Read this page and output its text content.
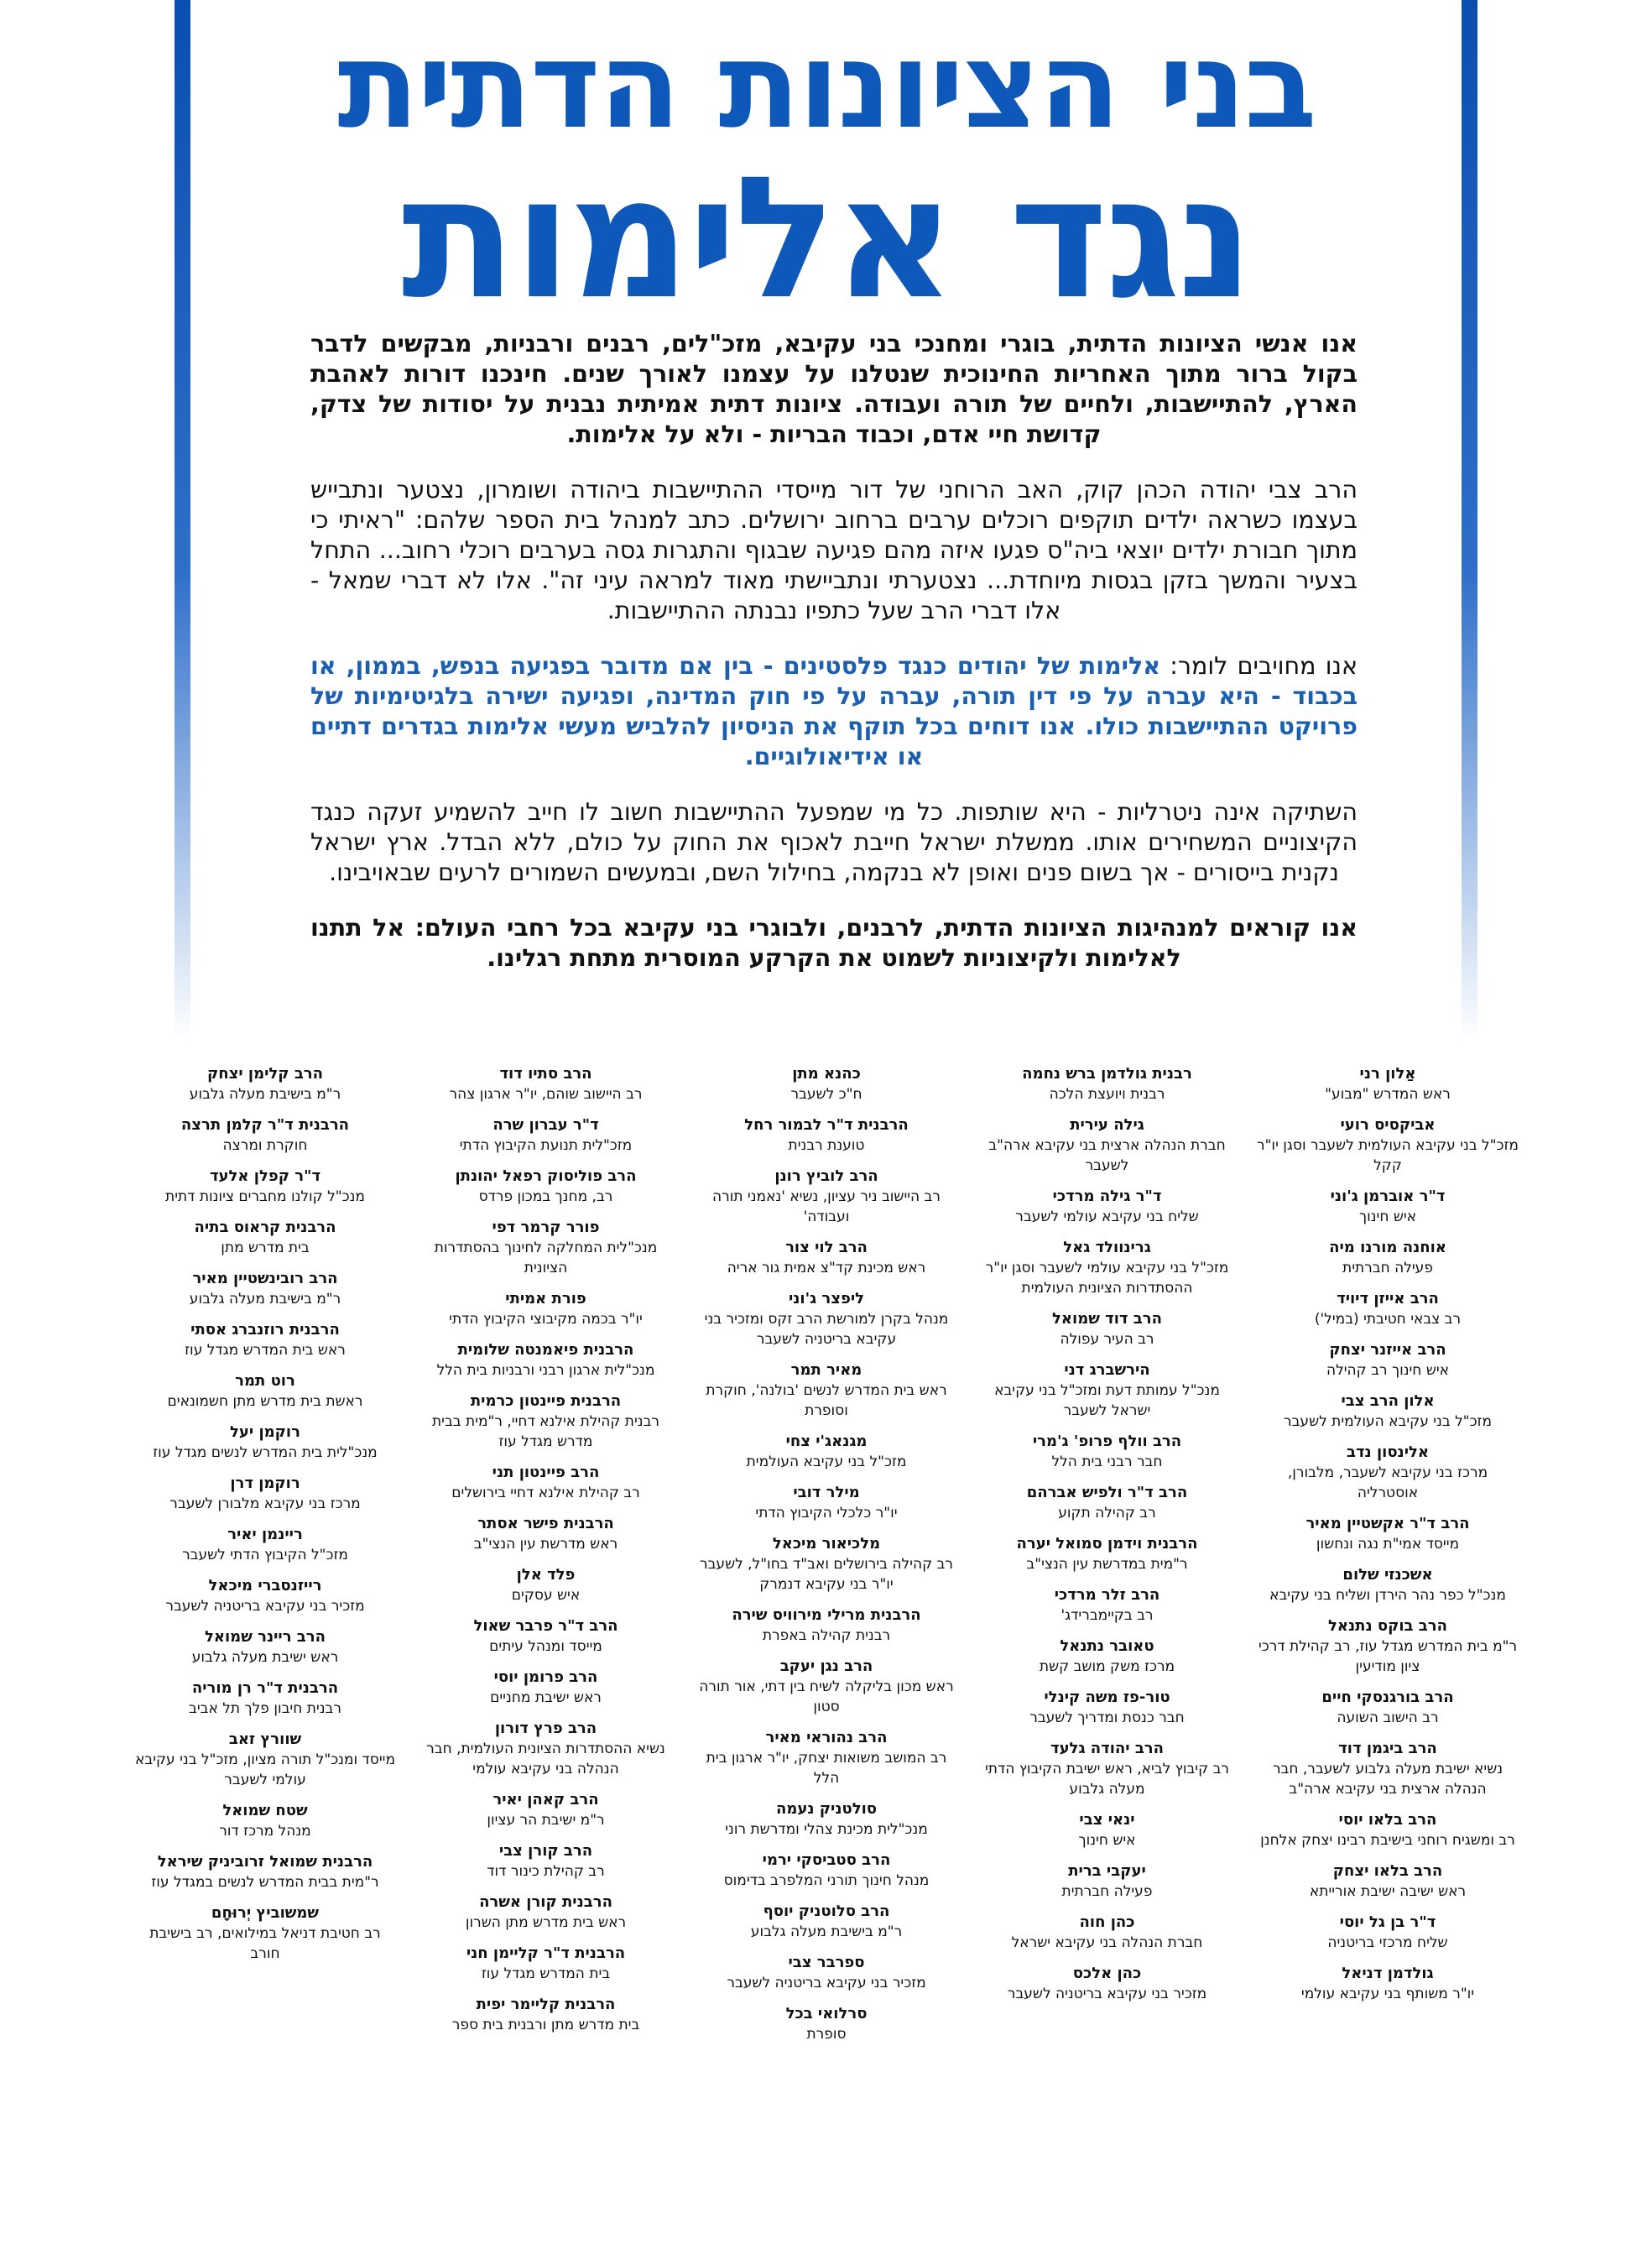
בני הציונות הדתית
נגד אלימות

אנו אנשי הציונות הדתית, בוגרי ומחנכי בני עקיבא, מזכ"לים, רבנים ורבניות, מבקשים לדבר בקול ברור מתוך האחריות החינוכית שנטלנו על עצמנו לאורך שנים. חינכנו דורות לאהבת הארץ, להתיישבות, ולחיים של תורה ועבודה. ציונות דתית אמיתית נבנית על יסודות של צדק, קדושת חיי אדם, וכבוד הבריות - ולא על אלימות.

הרב צבי יהודה הכהן קוק, האב הרוחני של דור מייסדי ההתיישבות ביהודה ושומרון, נצטער ונתבייש בעצמו כשראה ילדים תוקפים רוכלים ערבים ברחוב ירושלים. כתב למנהל בית הספר שלהם: "ראיתי כי מתוך חבורת ילדים יוצאי ביה"ס פגעו איזה מהם פגיעה שבגוף והתגרות גסה בערבים רוכלי רחוב... התחל בצעיר והמשך בזקן בגסות מיוחדת... נצטערתי ונתביישתי מאוד למראה עיני זה". אלו לא דברי שמאל - אלו דברי הרב שעל כתפיו נבנתה ההתיישבות.

אנו מחויבים לומר: אלימות של יהודים כנגד פלסטינים - בין אם מדובר בפגיעה בנפש, בממון, או בכבוד - היא עברה על פי דין תורה, עברה על פי חוק המדינה, ופגיעה ישירה בלגיטימיות של פרויקט ההתיישבות כולו. אנו דוחים בכל תוקף את הניסיון להלביש מעשי אלימות בגדרים דתיים או אידיאולוגיים.

השתיקה אינה ניטרליות - היא שותפות. כל מי שמפעל ההתיישבות חשוב לו חייב להשמיע זעקה כנגד הקיצוניים המשחירים אותו. ממשלת ישראל חייבת לאכוף את החוק על כולם, ללא הבדל. ארץ ישראל נקנית בייסורים - אך בשום פנים ואופן לא בנקמה, בחילול השם, ובמעשים השמורים לרעים שבאויבינו.

אנו קוראים למנהיגות הציונות הדתית, לרבנים, ולבוגרי בני עקיבא בכל רחבי העולם: אל תתנו לאלימות ולקיצוניות לשמוט את הקרקע המוסרית מתחת רגלינו.

אַלון רני
ראש המדרש "מבוע"
אביקסיס רועי
מזכ"ל בני עקיבא העולמית לשעבר וסגן יו"ר קקל
ד"ר אוברמן ג'וני
איש חינוך
אוחנה מורנו מיה
פעילה חברתית
הרב אייזן דיויד
רב צבאי חטיבתי (במיל')
הרב אייזנר יצחק
איש חינוך רב קהילה
אלון הרב צבי
מזכ"ל בני עקיבא העולמית לשעבר
אלינסון נדב
מרכז בני עקיבא לשעבר, מלבורן, אוסטרליה
הרב ד"ר אקשטיין מאיר
מייסד אמי"ת נגה ונחשון
אשכנזי שלום
מנכ"ל כפר נהר הירדן ושליח בני עקיבא
הרב בוקס נתנאל
ר"מ בית המדרש מגדל עוז, רב קהילת דרכי ציון מודיעין
הרב בורגנסקי חיים
רב הישוב השועה
הרב ביגמן דוד
נשיא ישיבת מעלה גלבוע לשעבר, חבר הנהלה ארצית בני עקיבא ארה"ב
הרב בלאו יוסי
רב ומשגיח רוחני בישיבת רבינו יצחק אלחנן
הרב בלאו יצחק
ראש ישיבה ישיבת אורייתא
ד"ר בן גל יוסי
שליח מרכזי בריטניה
גולדמן דניאל
יו"ר משותף בני עקיבא עולמי
רבנית גולדמן ברש נחמה
רבנית ויועצת הלכה
גילה עירית
חברת הנהלה ארצית בני עקיבא ארה"ב לשעבר
ד"ר גילה מרדכי
שליח בני עקיבא עולמי לשעבר
גרינוולד גאל
מזכ"ל בני עקיבא עולמי לשעבר וסגן יו"ר ההסתדרות הציונית העולמית
הרב דוד שמואל
רב העיר עפולה
הירשברג דני
מנכ"ל עמותת דעת ומזכ"ל בני עקיבא ישראל לשעבר
הרב וולף פרופ' ג'מרי
חבר רבני בית הלל
הרב ד"ר ולפיש אברהם
רב קהילה תקוע
הרבנית וידמן סמואל יערה
ר"מית במדרשת עין הנצי"ב
הרב זלר מרדכי
רב בקיימברידג'
טאובר נתנאל
מרכז משק מושב קשת
טור-פז משה קינלי
חבר כנסת ומדריך לשעבר
הרב יהודה גלעד
רב קיבוץ לביא, ראש ישיבת הקיבוץ הדתי מעלה גלבוע
ינאי צבי
איש חינוך
יעקבי ברית
פעילה חברתית
כהן חוה
חברת הנהלה בני עקיבא ישראל
כהן אלכס
מזכיר בני עקיבא בריטניה לשעבר
כהנא מתן
ח"כ לשעבר
הרבנית ד"ר לבמור רחל
טוענת רבנית
הרב לוביץ רונן
רב היישוב ניר עציון, נשיא 'נאמני תורה ועבודה'
הרב לוי צור
ראש מכינת קד"צ אמית גור אריה
ליפצר ג'וני
מנהל בקרן למורשת הרב זקס ומזכיר בני עקיבא בריטניה לשעבר
מאיר תמר
ראש בית המדרש לנשים 'בולנה', חוקרת וסופרת
מגנאג'י צחי
מזכ"ל בני עקיבא העולמית
מילר דובי
יו"ר כלכלי הקיבוץ הדתי
מלכיאור מיכאל
רב קהילה בירושלים ואב"ד בחו"ל, לשעבר יו"ר בני עקיבא דנמרק
הרבנית מרילי מירוויס שירה
רבנית קהילה באפרת
הרב נגן יעקב
ראש מכון בליקלה לשיח בין דתי, אור תורה סטון
הרב נהוראי מאיר
רב המושב משואות יצחק, יו"ר ארגון בית הלל
סולטניק נעמה
מנכ"לית מכינת צהלי ומדרשת רוני
הרב סטביסקי ירמי
מנהל חינוך תורני המלפרב בדימוס
הרב סלוטניק יוסף
ר"מ בישיבת מעלה גלבוע
ספרבר צבי
מזכיר בני עקיבא בריטניה לשעבר
סרלואי בכל
סופרת
הרב סתיו דוד
רב היישוב שוהם, יו"ר ארגון צהר
ד"ר עברון שרה
מזכ"לית תנועת הקיבוץ הדתי
הרב פוליסוק רפאל יהונתן
רב, מחנך במכון פרדס
פורר קרמר דפי
מנכ"לית המחלקה לחינוך בהסתדרות הציונית
פורת אמיתי
יו"ר בכמה מקיבוצי הקיבוץ הדתי
הרבנית פיאמנטה שלומית
מנכ"לית ארגון רבני ורבניות בית הלל
הרבנית פיינטון כרמית
רבנית קהילת אילנא דחיי, ר"מית בבית מדרש מגדל עוז
הרב פיינטון תני
רב קהילת אילנא דחיי בירושלים
הרבנית פישר אסתר
ראש מדרשת עין הנצי"ב
פלד אלן
איש עסקים
הרב ד"ר פרבר שאול
מייסד ומנהל עיתים
הרב פרומן יוסי
ראש ישיבת מחניים
הרב פרץ דורון
נשיא ההסתדרות הציונית העולמית, חבר הנהלה בני עקיבא עולמי
הרב קאהן יאיר
ר"מ ישיבת הר עציון
הרב קורן צבי
רב קהילת כינור דוד
הרבנית קורן אשרה
ראש בית מדרש מתן השרון
הרבנית ד"ר קליימן חני
בית המדרש מגדל עוז
הרבנית קליימר יפית
בית מדרש מתן ורבנית בית ספר
הרב קלימן יצחק
ר"מ בישיבת מעלה גלבוע
הרבנית ד"ר קלמן תרצה
חוקרת ומרצה
ד"ר קפלן אלעד
מנכ"ל קולנו מחברים ציונות דתית
הרבנית קראוס בתיה
בית מדרש מתן
הרב רובינשטיין מאיר
ר"מ בישיבת מעלה גלבוע
הרבנית רוזנברג אסתי
ראש בית המדרש מגדל עוז
רוט תמר
ראשת בית מדרש מתן חשמונאים
רוקמן יעל
מנכ"לית בית המדרש לנשים מגדל עוז
רוקמן דרן
מרכז בני עקיבא מלבורן לשעבר
ריינמן יאיר
מזכ"ל הקיבוץ הדתי לשעבר
רייזנסברי מיכאל
מזכיר בני עקיבא בריטניה לשעבר
הרב ריינר שמואל
ראש ישיבת מעלה גלבוע
הרבנית ד"ר רן מוריה
רבנית חיבון פלך תל אביב
שוורץ זאב
מייסד ומנכ"ל תורה מציון, מזכ"ל בני עקיבא עולמי לשעבר
שטח שמואל
מנהל מרכז דור
הרבנית שמואל זרוביניק שיראל
ר"מית בבית המדרש לנשים במגדל עוז
שמשוביץ יְרוּחָם
רב חטיבת דניאל במילואים, רב בישיבת חורב
